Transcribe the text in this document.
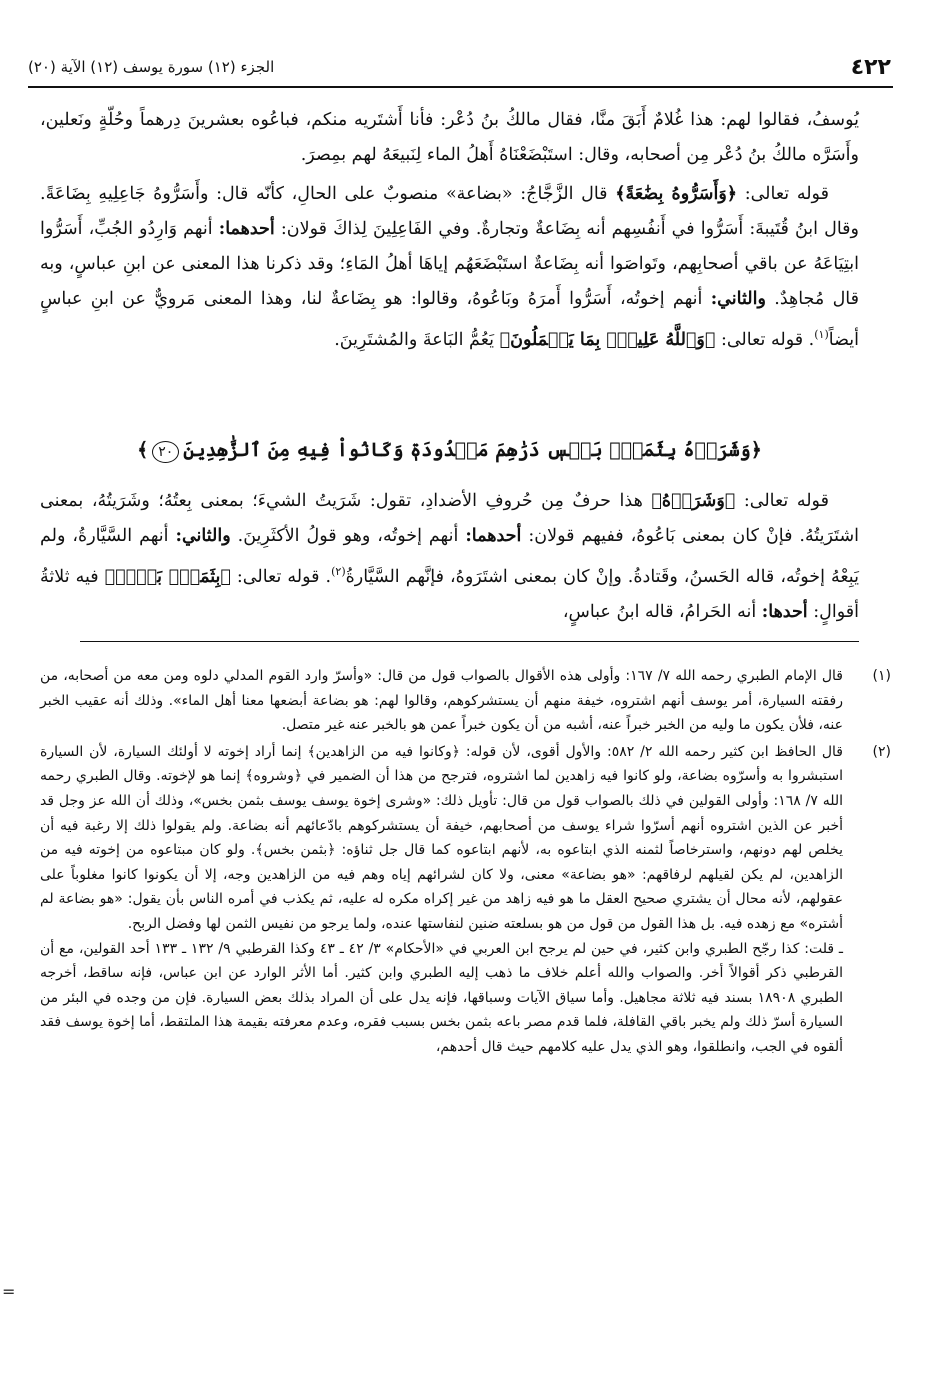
٤٢٢
الجزء (١٢) سورة يوسف (١٢) الآية (٢٠)

يُوسفُ، فقالوا لهم: هذا غُلامٌ أَبَقَ منَّا، فقال مالكُ بنُ دُعْر: فأنا أَشتَريه منكم، فباعُوه بعشرينَ دِرهماً وحُلّةٍ ونَعلين، وأَسَرَّه مالكُ بنُ دُعْر مِن أصحابه، وقال: استَبْضَعْنَاهُ أَهلُ الماء لِنَبيعَهُ لهم بمِصرَ.

قوله تعالى: ﴿وَأَسَرُّوهُ بِضَٰعَةً﴾ قال الزَّجَّاجُ: «بضاعة» منصوبٌ على الحالِ، كأنّه قال: وأَسَرُّوهُ جَاعِلِيهِ بِضَاعَةً. وقال ابنُ قُتَيبةَ: أَسَرُّوا في أَنفُسِهم أنه بِضَاعةٌ وتجارةٌ. وفي الفَاعِلِينَ لِذاكَ قولان: أحدهما: أنهم وَارِدُو الجُبِّ، أَسَرُّوا ابتِيَاعَهُ عن باقي أصحابِهم، وتَواصَوا أنه بِضَاعةٌ استَبْضَعَهُم إياهَا أهلُ المَاءِ؛ وقد ذكرنا هذا المعنى عن ابنِ عباسٍ، وبه قال مُجاهِدٌ. والثاني: أنهم إخوتُه، أَسَرُّوا أَمرَهُ وبَاعُوهُ، وقالوا: هو بِضَاعةٌ لنا، وهذا المعنى مَرويٌّ عن ابنِ عباسٍ أيضاً$^{(١)}$. قوله تعالى: ﴿وَٱللَّهُ عَلِيمُۢ بِمَا يَعۡمَلُونَ﴾ يَعُمُّ البَاعةَ والمُشتَرِينَ.

﴿وَشَرَوۡهُ بِثَمَنِۭ بَخۡسٖ دَرَٰهِمَ مَعۡدُودَةٖ وَكَانُواْ فِيهِ مِنَ ٱلزَّٰهِدِينَ٢٠﴾

قوله تعالى: ﴿وَشَرَوۡهُ﴾ هذا حرفٌ مِن حُروفِ الأضدادِ، تقول: شَرَيتُ الشيءَ؛ بمعنى بِعتُهُ؛ وشَرَيتُهُ، بمعنى اشتَرَيتُهُ. فإنْ كان بمعنى بَاعُوهُ، ففيهم قولان: أحدهما: أنهم إخوتُه، وهو قولُ الأكثَرِينَ. والثاني: أنهم السَّيَّارةُ، ولم يَبِعْهُ إخوتُه، قاله الحَسنُ، وقَتادةُ. وإنْ كان بمعنى اشتَرَوهُ، فإنَّهم السَّيَّارةُ$^{(٢)}$. قوله تعالى: ﴿بِثَمَنِۭ بَخۡسٖ﴾ فيه ثلاثةُ أقوالٍ: أحدها: أنه الحَرامُ، قاله ابنُ عباسٍ،

(١)

قال الإمام الطبري رحمه الله ٧/ ١٦٧: وأولى هذه الأقوال بالصواب قول من قال: «وأسرّ وارد القوم المدلي دلوه ومن معه من أصحابه، من رفقته السيارة، أمر يوسف أنهم اشتروه، خيفة منهم أن يستشركوهم، وقالوا لهم: هو بضاعة أبضعها معنا أهل الماء». وذلك أنه عقيب الخبر عنه، فلأن يكون ما وليه من الخبر خبراً عنه، أشبه من أن يكون خبراً عمن هو بالخبر عنه غير متصل.

(٢)

قال الحافظ ابن كثير رحمه الله ٢/ ٥٨٢: والأول أقوى، لأن قوله: ﴿وكانوا فيه من الزاهدين﴾ إنما أراد إخوته لا أولئك السيارة، لأن السيارة استبشروا به وأسرّوه بضاعة، ولو كانوا فيه زاهدين لما اشتروه، فترجح من هذا أن الضمير في ﴿وشروه﴾ إنما هو لإخوته. وقال الطبري رحمه الله ٧/ ١٦٨: وأولى القولين في ذلك بالصواب قول من قال: تأويل ذلك: «وشرى إخوة يوسف يوسف بثمن بخس»، وذلك أن الله عز وجل قد أخبر عن الذين اشتروه أنهم أسرّوا شراء يوسف من أصحابهم، خيفة أن يستشركوهم بادّعائهم أنه بضاعة. ولم يقولوا ذلك إلا رغبة فيه أن يخلص لهم دونهم، واسترخاصاً لثمنه الذي ابتاعوه به، لأنهم ابتاعوه كما قال جل ثناؤه: ﴿بثمن بخس﴾. ولو كان مبتاعوه من إخوته فيه من الزاهدين، لم يكن لقيلهم لرفاقهم: «هو بضاعة» معنى، ولا كان لشرائهم إياه وهم فيه من الزاهدين وجه، إلا أن يكونوا كانوا مغلوباً على عقولهم، لأنه محال أن يشتري صحيح العقل ما هو فيه زاهد من غير إكراه مكره له عليه، ثم يكذب في أمره الناس بأن يقول: «هو بضاعة لم أشتره» مع زهده فيه. بل هذا القول من قول من هو بسلعته ضنين لنفاستها عنده، ولما يرجو من نفيس الثمن لها وفضل الربح.

ـ قلت: كذا رجّح الطبري وابن كثير، في حين لم يرجح ابن العربي في «الأحكام» ٣/ ٤٢ ـ ٤٣ وكذا القرطبي ٩/ ١٣٢ ـ ١٣٣ أحد القولين، مع أن القرطبي ذكر أقوالاً أخر. والصواب والله أعلم خلاف ما ذهب إليه الطبري وابن كثير. أما الأثر الوارد عن ابن عباس، فإنه ساقط، أخرجه الطبري ١٨٩٠٨ بسند فيه ثلاثة مجاهيل. وأما سياق الآيات وسباقها، فإنه يدل على أن المراد بذلك بعض السيارة. فإن من وجده في البئر من السيارة أسرّ ذلك ولم يخبر باقي القافلة، فلما قدم مصر باعه بثمن بخس بسبب فقره، وعدم معرفته بقيمة هذا الملتقط، أما إخوة يوسف فقد ألقوه في الجب، وانطلقوا، وهو الذي يدل عليه كلامهم حيث قال أحدهم،

=
